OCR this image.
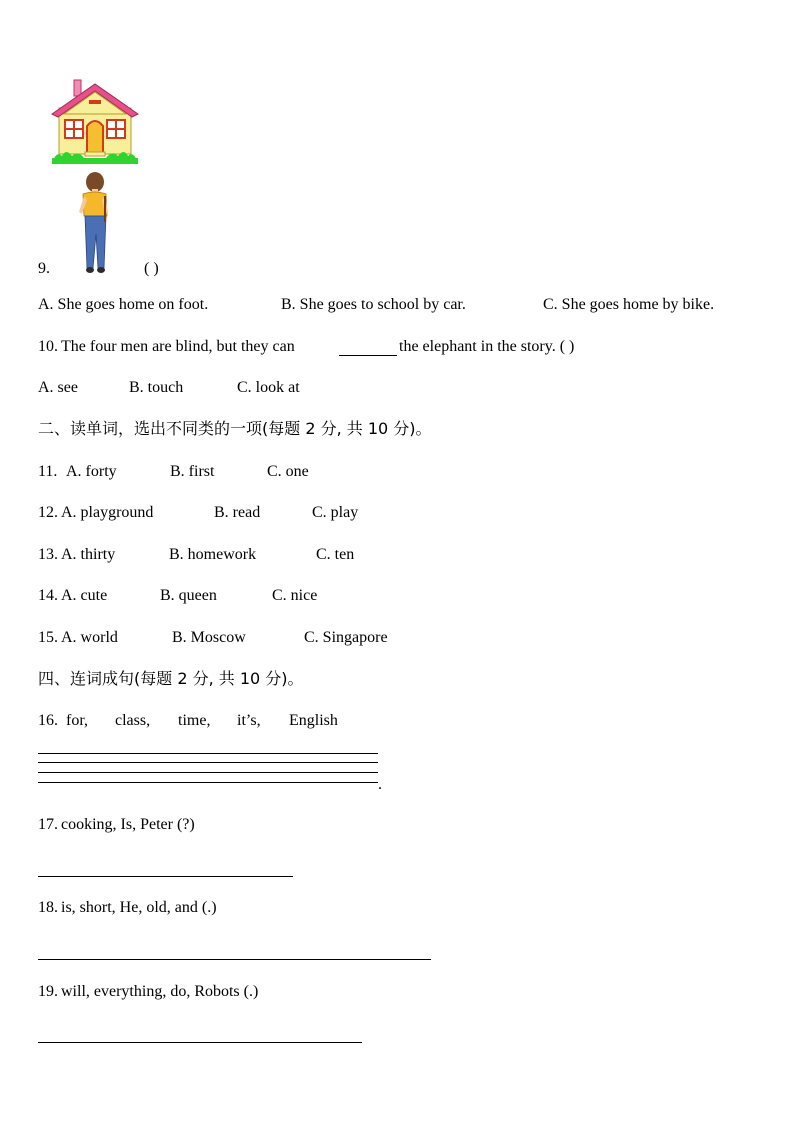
9.	( )
A. She goes home on foot.	B. She goes to school by car.	C. She goes home by bike.
10. The four men are blind, but they can	the elephant in the story. ( )
A. see	B. touch	C. look at
二、读单词，选出不同类的一项(每题 2 分, 共 10 分)。
11. A. forty	B. first	C. one
12. A. playground	B. read	C. play
13. A. thirty	B. homework	C. ten
14. A. cute	B. queen	C. nice
15. A. world	B. Moscow	C. Singapore
四、连词成句(每题 2 分, 共 10 分)。
16. for, class, time, it’s, English
.
17. cooking, Is, Peter (?)
18. is, short, He, old, and (.)
19. will, everything, do, Robots (.)
